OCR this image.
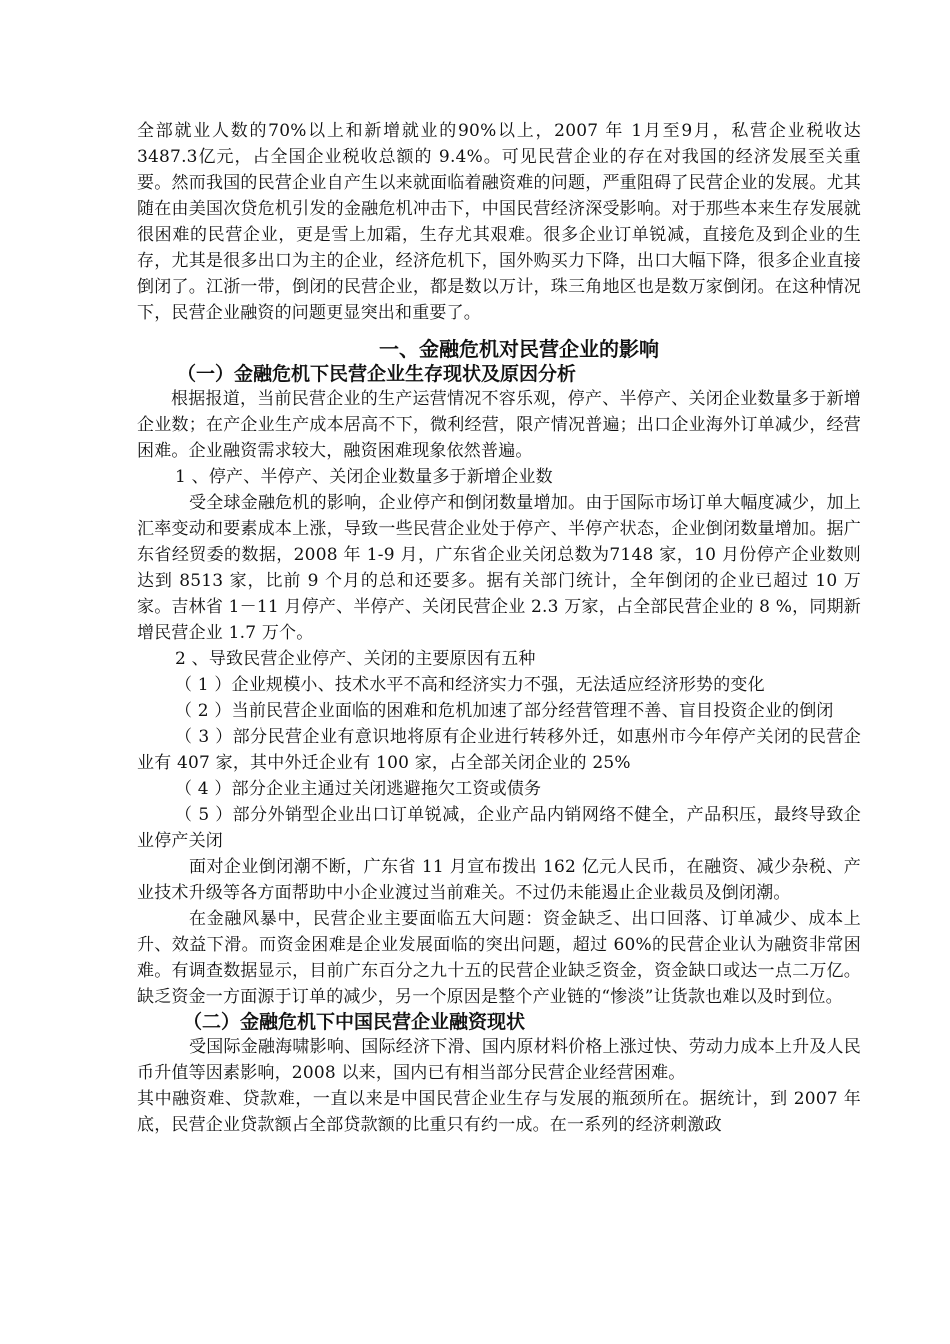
全部就业人数的70%以上和新增就业的90%以上，2007 年 1月至9月，私营企业税收达3487.3亿元，占全国企业税收总额的 9.4%。可见民营企业的存在对我国的经济发展至关重要。然而我国的民营企业自产生以来就面临着融资难的问题，严重阻碍了民营企业的发展。尤其随在由美国次贷危机引发的金融危机冲击下，中国民营经济深受影响。对于那些本来生存发展就很困难的民营企业，更是雪上加霜，生存尤其艰难。很多企业订单锐减，直接危及到企业的生存，尤其是很多出口为主的企业，经济危机下，国外购买力下降，出口大幅下降，很多企业直接倒闭了。江浙一带，倒闭的民营企业，都是数以万计，珠三角地区也是数万家倒闭。在这种情况下，民营企业融资的问题更显突出和重要了。

一、金融危机对民营企业的影响
（一）金融危机下民营企业生存现状及原因分析

根据报道，当前民营企业的生产运营情况不容乐观，停产、半停产、关闭企业数量多于新增企业数；在产企业生产成本居高不下，微利经营，限产情况普遍；出口企业海外订单减少，经营困难。企业融资需求较大，融资困难现象依然普遍。

1 、停产、半停产、关闭企业数量多于新增企业数

受全球金融危机的影响，企业停产和倒闭数量增加。由于国际市场订单大幅度减少，加上汇率变动和要素成本上涨，导致一些民营企业处于停产、半停产状态，企业倒闭数量增加。据广东省经贸委的数据，2008 年 1-9 月，广东省企业关闭总数为7148 家，10 月份停产企业数则达到 8513 家，比前 9 个月的总和还要多。据有关部门统计，全年倒闭的企业已超过 10 万家。吉林省 1－11 月停产、半停产、关闭民营企业 2.3 万家，占全部民营企业的 8 %，同期新增民营企业 1.7 万个。

2 、导致民营企业停产、关闭的主要原因有五种

（ 1 ）企业规模小、技术水平不高和经济实力不强，无法适应经济形势的变化

（ 2 ）当前民营企业面临的困难和危机加速了部分经营管理不善、盲目投资企业的倒闭

（ 3 ）部分民营企业有意识地将原有企业进行转移外迁，如惠州市今年停产关闭的民营企业有 407 家，其中外迁企业有 100 家，占全部关闭企业的 25%

（ 4 ）部分企业主通过关闭逃避拖欠工资或债务

（ 5 ）部分外销型企业出口订单锐减，企业产品内销网络不健全，产品积压，最终导致企业停产关闭

面对企业倒闭潮不断，广东省 11 月宣布拨出 162 亿元人民币，在融资、减少杂税、产业技术升级等各方面帮助中小企业渡过当前难关。不过仍未能遏止企业裁员及倒闭潮。

在金融风暴中，民营企业主要面临五大问题：资金缺乏、出口回落、订单减少、成本上升、效益下滑。而资金困难是企业发展面临的突出问题，超过 60%的民营企业认为融资非常困难。有调查数据显示，目前广东百分之九十五的民营企业缺乏资金，资金缺口或达一点二万亿。缺乏资金一方面源于订单的减少，另一个原因是整个产业链的“惨淡”让货款也难以及时到位。

（二）金融危机下中国民营企业融资现状

受国际金融海啸影响、国际经济下滑、国内原材料价格上涨过快、劳动力成本上升及人民币升值等因素影响，2008 以来，国内已有相当部分民营企业经营困难。

其中融资难、贷款难，一直以来是中国民营企业生存与发展的瓶颈所在。据统计，到 2007 年底，民营企业贷款额占全部贷款额的比重只有约一成。在一系列的经济刺激政
